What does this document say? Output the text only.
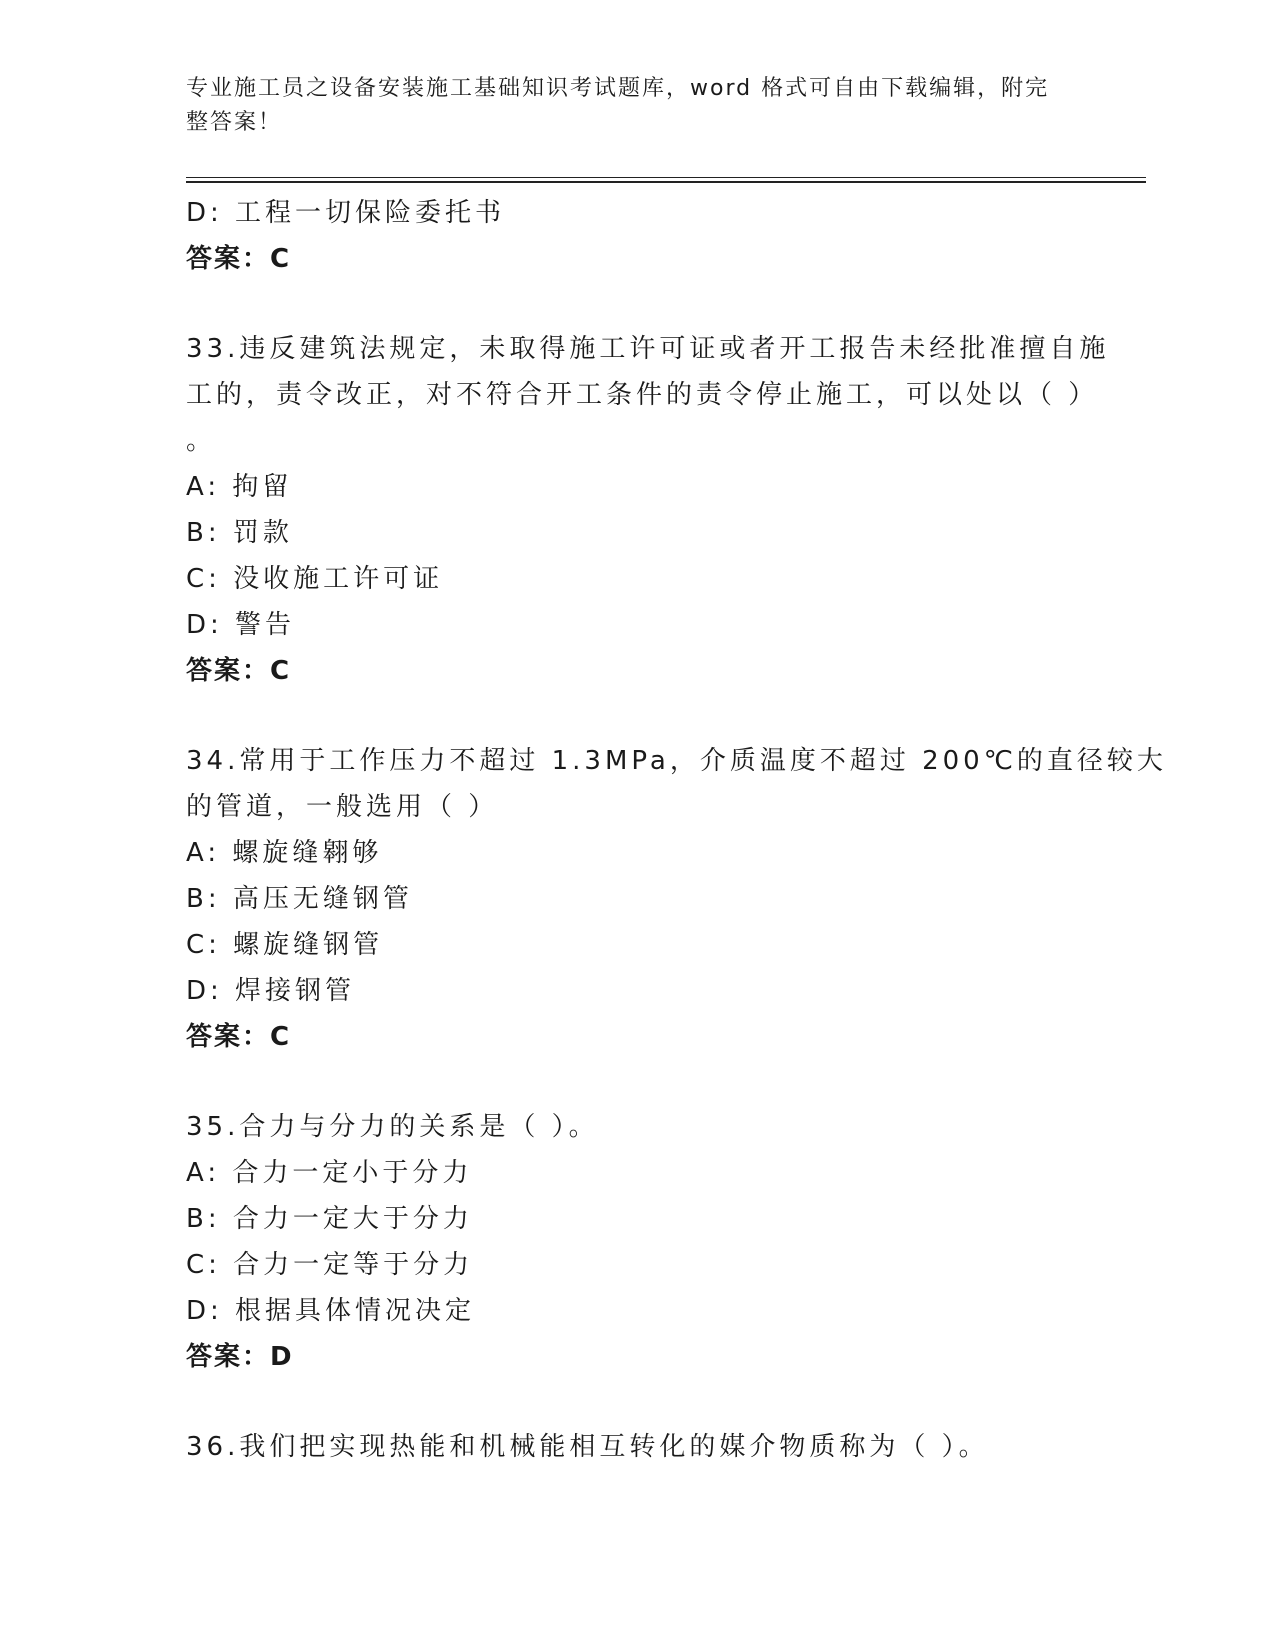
专业施工员之设备安装施工基础知识考试题库，word 格式可自由下载编辑，附完
整答案！
D: 工程一切保险委托书
答案：C
33.违反建筑法规定，未取得施工许可证或者开工报告未经批准擅自施
工的，责令改正，对不符合开工条件的责令停止施工，可以处以（ ）
。
A: 拘留
B: 罚款
C: 没收施工许可证
D: 警告
答案：C
34.常用于工作压力不超过 1.3MPa，介质温度不超过 200℃的直径较大
的管道，一般选用（ ）
A: 螺旋缝翱够
B: 高压无缝钢管
C: 螺旋缝钢管
D: 焊接钢管
答案：C
35.合力与分力的关系是（ ）。
A: 合力一定小于分力
B: 合力一定大于分力
C: 合力一定等于分力
D: 根据具体情况决定
答案：D
36.我们把实现热能和机械能相互转化的媒介物质称为（ ）。
